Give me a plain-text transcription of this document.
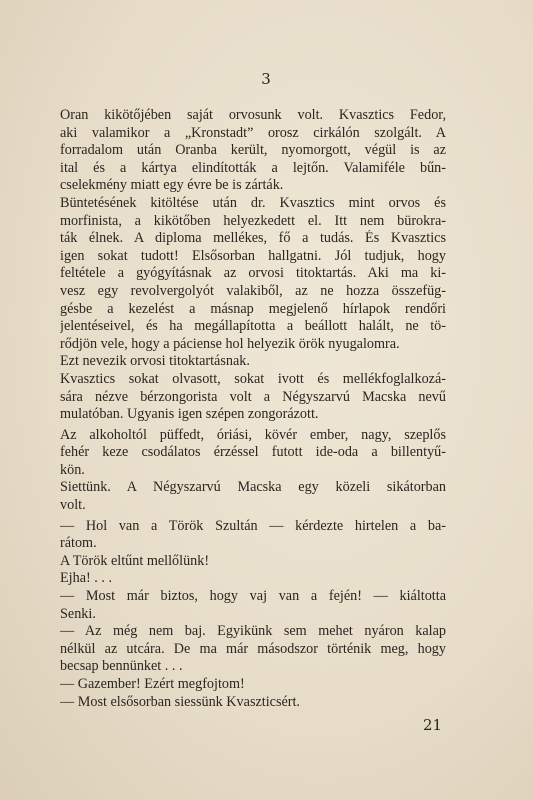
3
Oran kikötőjében saját orvosunk volt. Kvasztics Fedor,
aki valamikor a „Kronstadt” orosz cirkálón szolgált. A
forradalom után Oranba került, nyomorgott, végül is az
ital és a kártya elindították a lejtőn. Valamiféle bűn-
cselekmény miatt egy évre be is zárták.
Büntetésének kitöltése után dr. Kvasztics mint orvos és
morfinista, a kikötőben helyezkedett el. Itt nem bürokra-
ták élnek. A diploma mellékes, fő a tudás. És Kvasztics
igen sokat tudott! Elsősorban hallgatni. Jól tudjuk, hogy
feltétele a gyógyításnak az orvosi titoktartás. Aki ma ki-
vesz egy revolvergolyót valakiből, az ne hozza összefüg-
gésbe a kezelést a másnap megjelenő hírlapok rendőri
jelentéseivel, és ha megállapította a beállott halált, ne tö-
rődjön vele, hogy a páciense hol helyezik örök nyugalomra.
Ezt nevezik orvosi titoktartásnak.
Kvasztics sokat olvasott, sokat ivott és mellékfoglalkozá-
sára nézve bérzongorista volt a Négyszarvú Macska nevű
mulatóban. Ugyanis igen szépen zongorázott.
Az alkoholtól püffedt, óriási, kövér ember, nagy, szeplős
fehér keze csodálatos érzéssel futott ide-oda a billentyű-
kön.
Siettünk. A Négyszarvú Macska egy közeli sikátorban
volt.
— Hol van a Török Szultán — kérdezte hirtelen a ba-
rátom.
A Török eltűnt mellőlünk!
Ejha! . . .
— Most már biztos, hogy vaj van a fején! — kiáltotta
Senki.
— Az még nem baj. Egyikünk sem mehet nyáron kalap
nélkül az utcára. De ma már másodszor történik meg, hogy
becsap bennünket . . .
— Gazember! Ezért megfojtom!
— Most elsősorban siessünk Kvaszticsért.
21
